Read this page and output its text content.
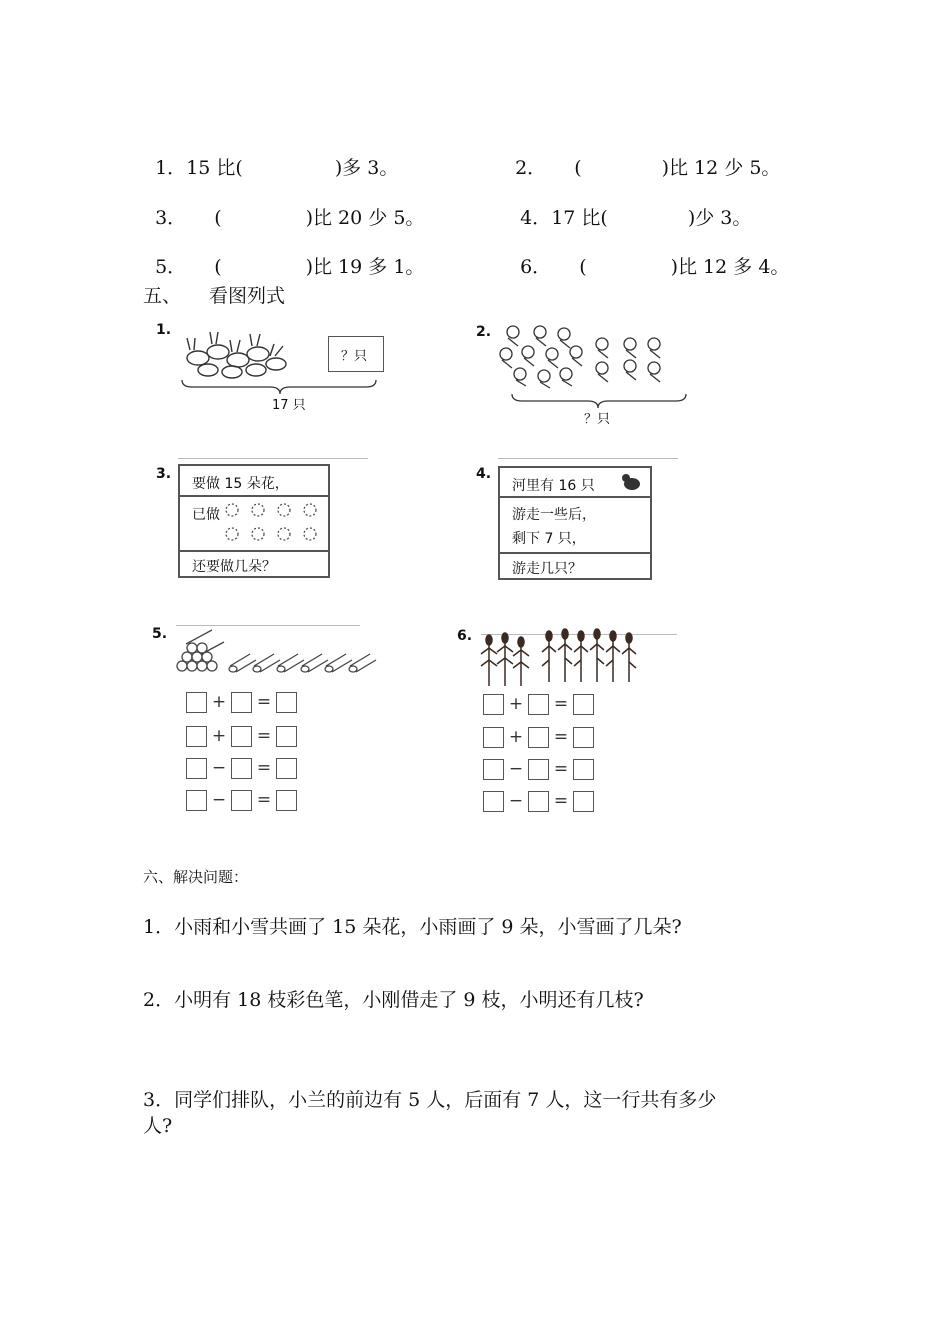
1．15 比(	)多 3。	2． (	)比 12 少 5。

3． (	)比 20 少 5。	4．17 比(	)少 3。

5． (	)比 19 多 1。	6． (	)比 12 多 4。

五、 看图列式
1.
？只
17 只
2.
？只
3.
要做 15 朵花，
已做
还要做几朵？
4.
河里有 16 只
游走一些后，
剩下 7 只，
游走几只？
5.
+ =
+ =
− =
− =
6.
+ =
+ =
− =
− =
六、解决问题：
1．小雨和小雪共画了 15 朵花，小雨画了 9 朵，小雪画了几朵?
2．小明有 18 枝彩色笔，小刚借走了 9 枝，小明还有几枝?
3．同学们排队，小兰的前边有 5 人，后面有 7 人，这一行共有多少
人?
